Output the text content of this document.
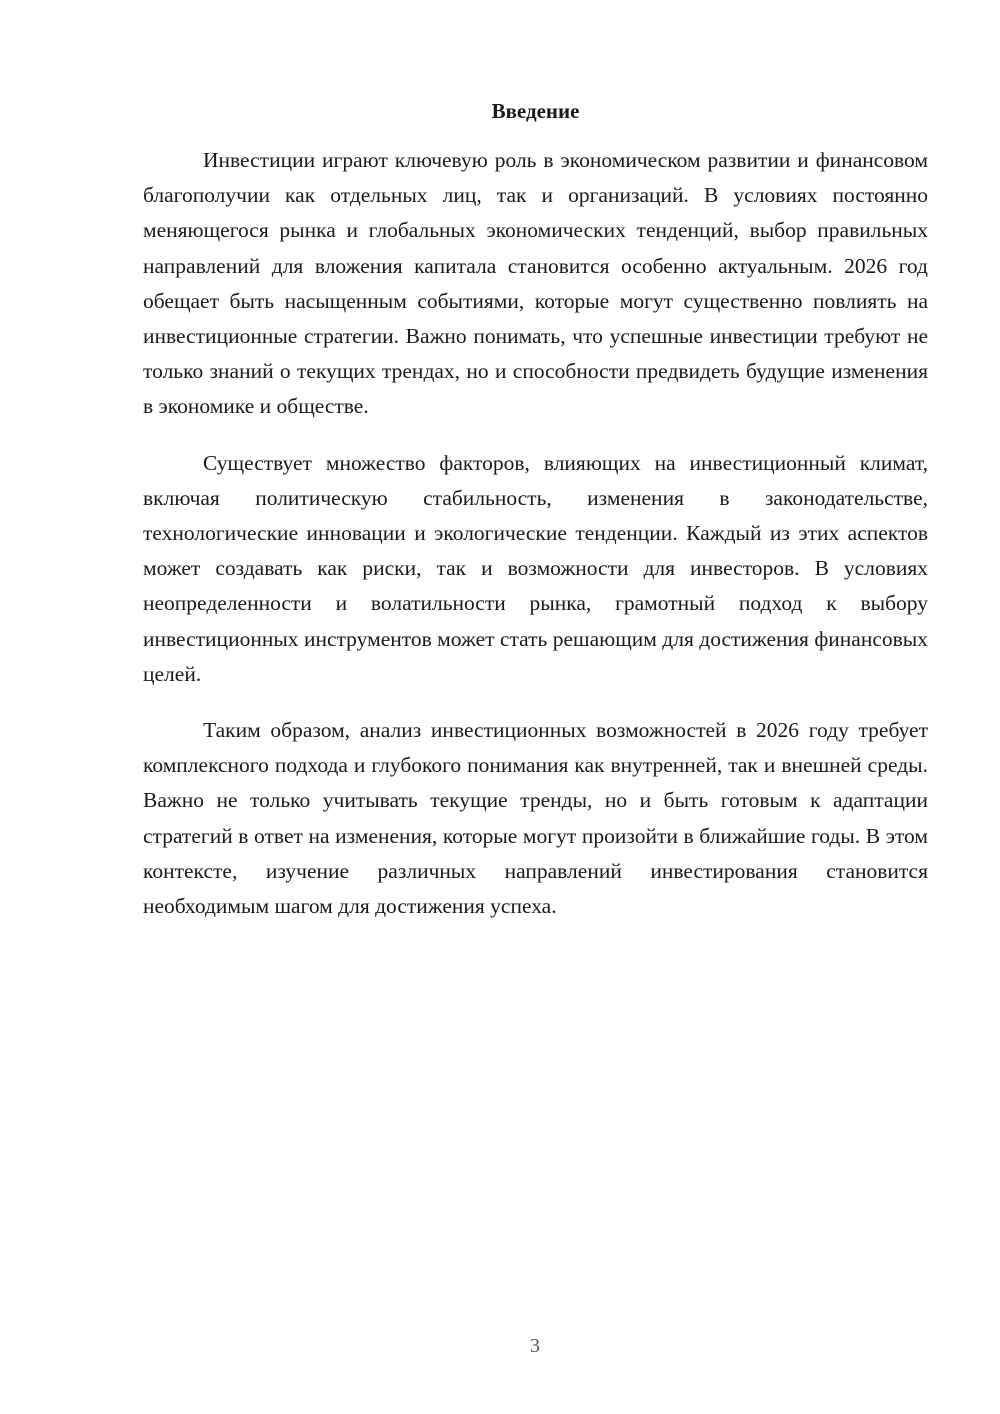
Введение

Инвестиции играют ключевую роль в экономическом развитии и финансовом благополучии как отдельных лиц, так и организаций. В условиях постоянно меняющегося рынка и глобальных экономических тенденций, выбор правильных направлений для вложения капитала становится особенно актуальным. 2026 год обещает быть насыщенным событиями, которые могут существенно повлиять на инвестиционные стратегии. Важно понимать, что успешные инвестиции требуют не только знаний о текущих трендах, но и способности предвидеть будущие изменения в экономике и обществе.

Существует множество факторов, влияющих на инвестиционный климат, включая политическую стабильность, изменения в законодательстве, технологические инновации и экологические тенденции. Каждый из этих аспектов может создавать как риски, так и возможности для инвесторов. В условиях неопределенности и волатильности рынка, грамотный подход к выбору инвестиционных инструментов может стать решающим для достижения финансовых целей.

Таким образом, анализ инвестиционных возможностей в 2026 году требует комплексного подхода и глубокого понимания как внутренней, так и внешней среды. Важно не только учитывать текущие тренды, но и быть готовым к адаптации стратегий в ответ на изменения, которые могут произойти в ближайшие годы. В этом контексте, изучение различных направлений инвестирования становится необходимым шагом для достижения успеха.

3
